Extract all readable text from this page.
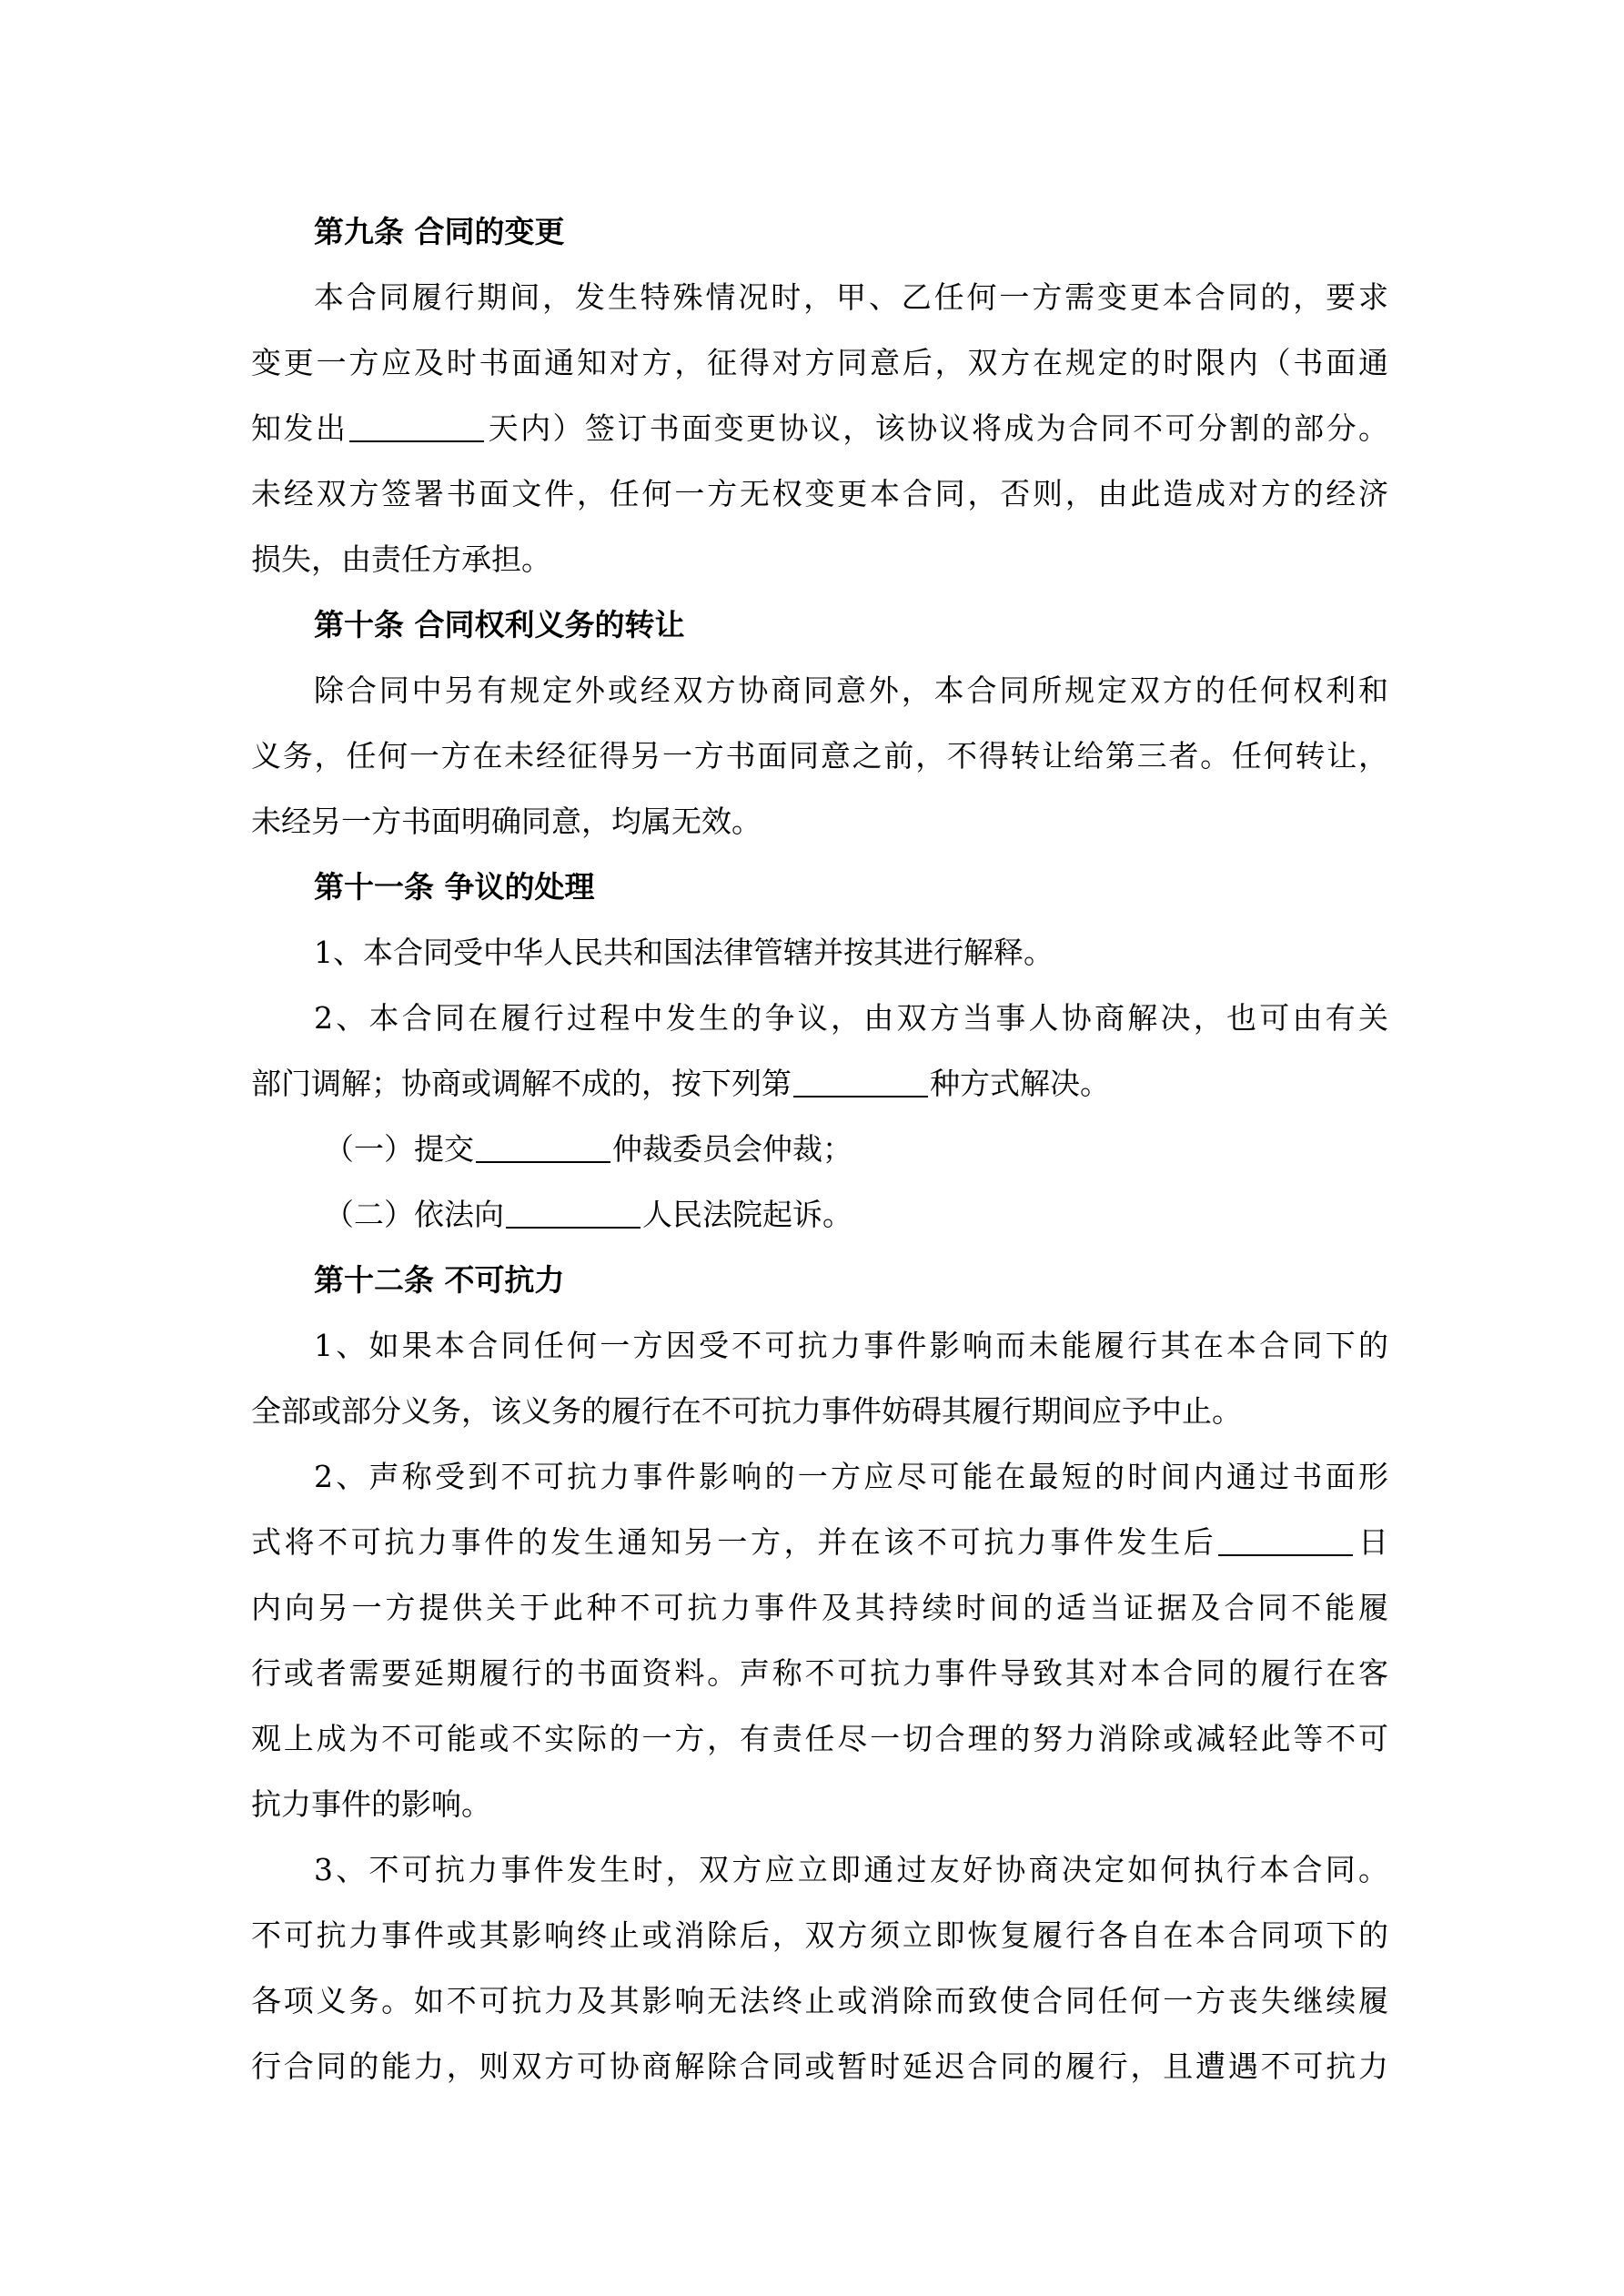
第九条 合同的变更

本合同履行期间，发生特殊情况时，甲、乙任何一方需变更本合同的，要求

变更一方应及时书面通知对方，征得对方同意后，双方在规定的时限内（书面通

知发出	天内）签订书面变更协议，该协议将成为合同不可分割的部分。

未经双方签署书面文件，任何一方无权变更本合同，否则，由此造成对方的经济

损失，由责任方承担。

第十条 合同权利义务的转让

除合同中另有规定外或经双方协商同意外，本合同所规定双方的任何权利和

义务，任何一方在未经征得另一方书面同意之前，不得转让给第三者。任何转让，

未经另一方书面明确同意，均属无效。

第十一条 争议的处理

1、本合同受中华人民共和国法律管辖并按其进行解释。

2、本合同在履行过程中发生的争议，由双方当事人协商解决，也可由有关

部门调解；协商或调解不成的，按下列第	种方式解决。

（一）提交	仲裁委员会仲裁；

（二）依法向	人民法院起诉。

第十二条 不可抗力

1、如果本合同任何一方因受不可抗力事件影响而未能履行其在本合同下的

全部或部分义务，该义务的履行在不可抗力事件妨碍其履行期间应予中止。

2、声称受到不可抗力事件影响的一方应尽可能在最短的时间内通过书面形

式将不可抗力事件的发生通知另一方，并在该不可抗力事件发生后	日

内向另一方提供关于此种不可抗力事件及其持续时间的适当证据及合同不能履

行或者需要延期履行的书面资料。声称不可抗力事件导致其对本合同的履行在客

观上成为不可能或不实际的一方，有责任尽一切合理的努力消除或减轻此等不可

抗力事件的影响。

3、不可抗力事件发生时，双方应立即通过友好协商决定如何执行本合同。

不可抗力事件或其影响终止或消除后，双方须立即恢复履行各自在本合同项下的

各项义务。如不可抗力及其影响无法终止或消除而致使合同任何一方丧失继续履

行合同的能力，则双方可协商解除合同或暂时延迟合同的履行，且遭遇不可抗力
